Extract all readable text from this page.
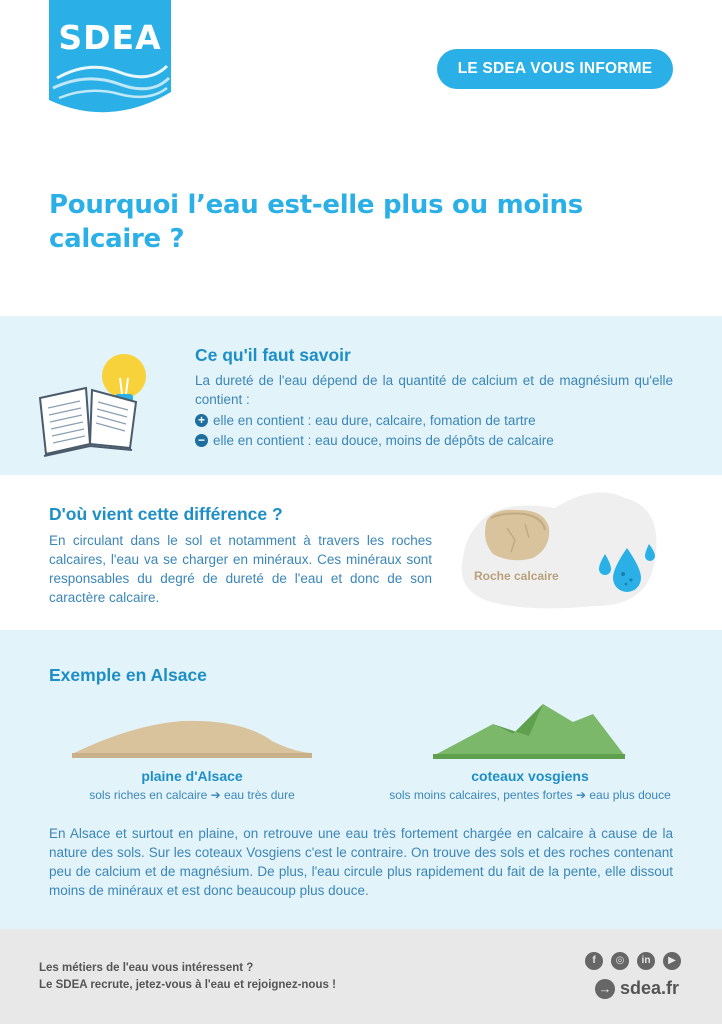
SDEA
LE SDEA VOUS INFORME
Pourquoi l’eau est-elle plus ou moins calcaire ?
Ce qu'il faut savoir
La dureté de l'eau dépend de la quantité de calcium et de magnésium qu'elle contient :
+ elle en contient : eau dure, calcaire, fomation de tartre
− elle en contient : eau douce, moins de dépôts de calcaire
D'où vient cette différence ?
En circulant dans le sol et notamment à travers les roches calcaires, l'eau va se charger en minéraux. Ces minéraux sont responsables du degré de dureté de l'eau et donc de son caractère calcaire.
Roche calcaire
Exemple en Alsace
plaine d'Alsace
sols riches en calcaire ➔ eau très dure
coteaux vosgiens
sols moins calcaires, pentes fortes ➔ eau plus douce
En Alsace et surtout en plaine, on retrouve une eau très fortement chargée en calcaire à cause de la nature des sols. Sur les coteaux Vosgiens c'est le contraire. On trouve des sols et des roches contenant peu de calcium et de magnésium. De plus, l'eau circule plus rapidement du fait de la pente, elle dissout moins de minéraux et est donc beaucoup plus douce.
Les métiers de l'eau vous intéressent ?
Le SDEA recrute, jetez-vous à l'eau et rejoignez-nous !
f	◎	in	▶
→ sdea.fr
